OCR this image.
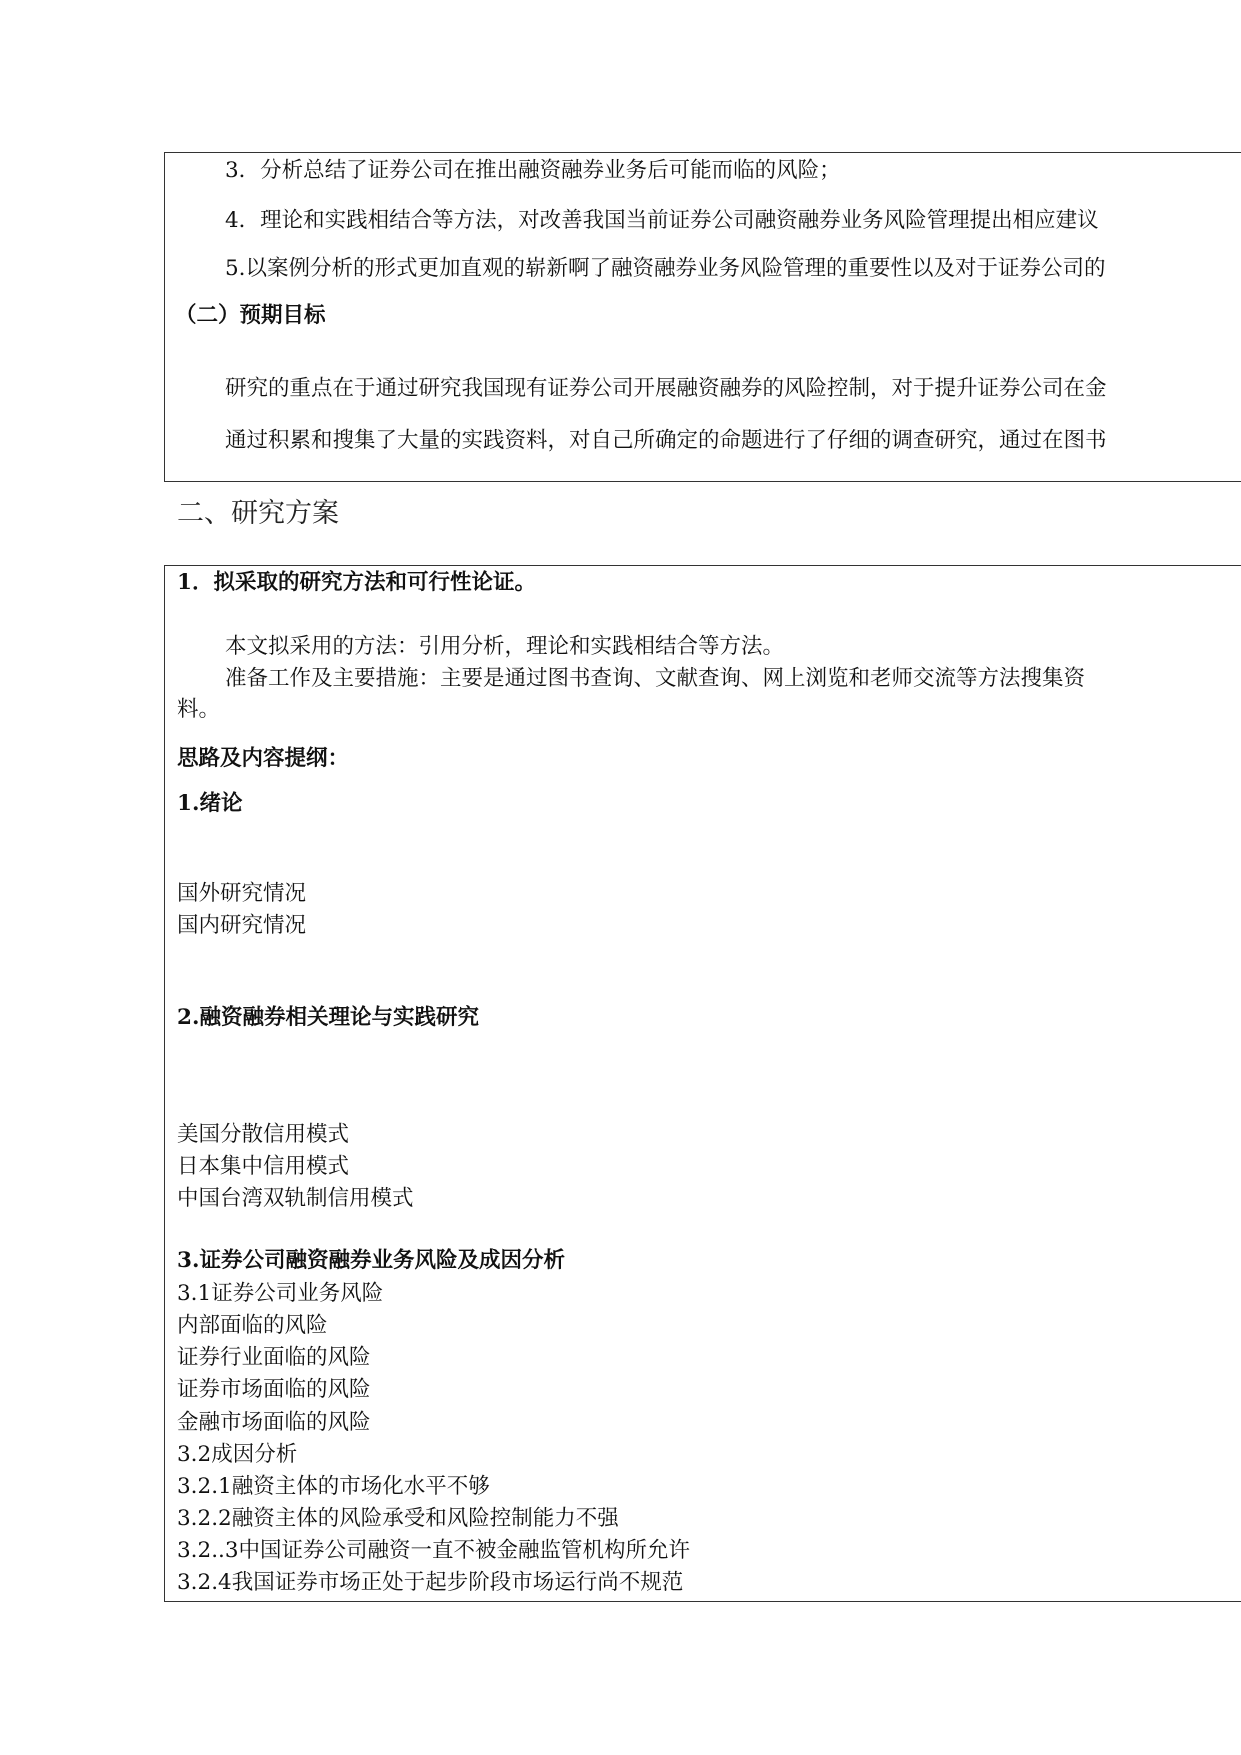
3．分析总结了证券公司在推出融资融券业务后可能而临的风险；

4．理论和实践相结合等方法，对改善我国当前证券公司融资融券业务风险管理提出相应建议

5.以案例分析的形式更加直观的崭新啊了融资融券业务风险管理的重要性以及对于证券公司的

（二）预期目标

研究的重点在于通过研究我国现有证券公司开展融资融券的风险控制，对于提升证券公司在金

通过积累和搜集了大量的实践资料，对自己所确定的命题进行了仔细的调查研究，通过在图书

二、研究方案

1．拟采取的研究方法和可行性论证。

本文拟采用的方法：引用分析，理论和实践相结合等方法。

准备工作及主要措施：主要是通过图书查询、文献查询、网上浏览和老师交流等方法搜集资

料。

思路及内容提纲：

1.绪论

国外研究情况

国内研究情况

2.融资融券相关理论与实践研究

美国分散信用模式

日本集中信用模式

中国台湾双轨制信用模式

3.证券公司融资融券业务风险及成因分析

3.1证券公司业务风险

内部面临的风险

证券行业面临的风险

证券市场面临的风险

金融市场面临的风险

3.2成因分析

3.2.1融资主体的市场化水平不够

3.2.2融资主体的风险承受和风险控制能力不强

3.2..3中国证券公司融资一直不被金融监管机构所允许

3.2.4我国证券市场正处于起步阶段市场运行尚不规范
